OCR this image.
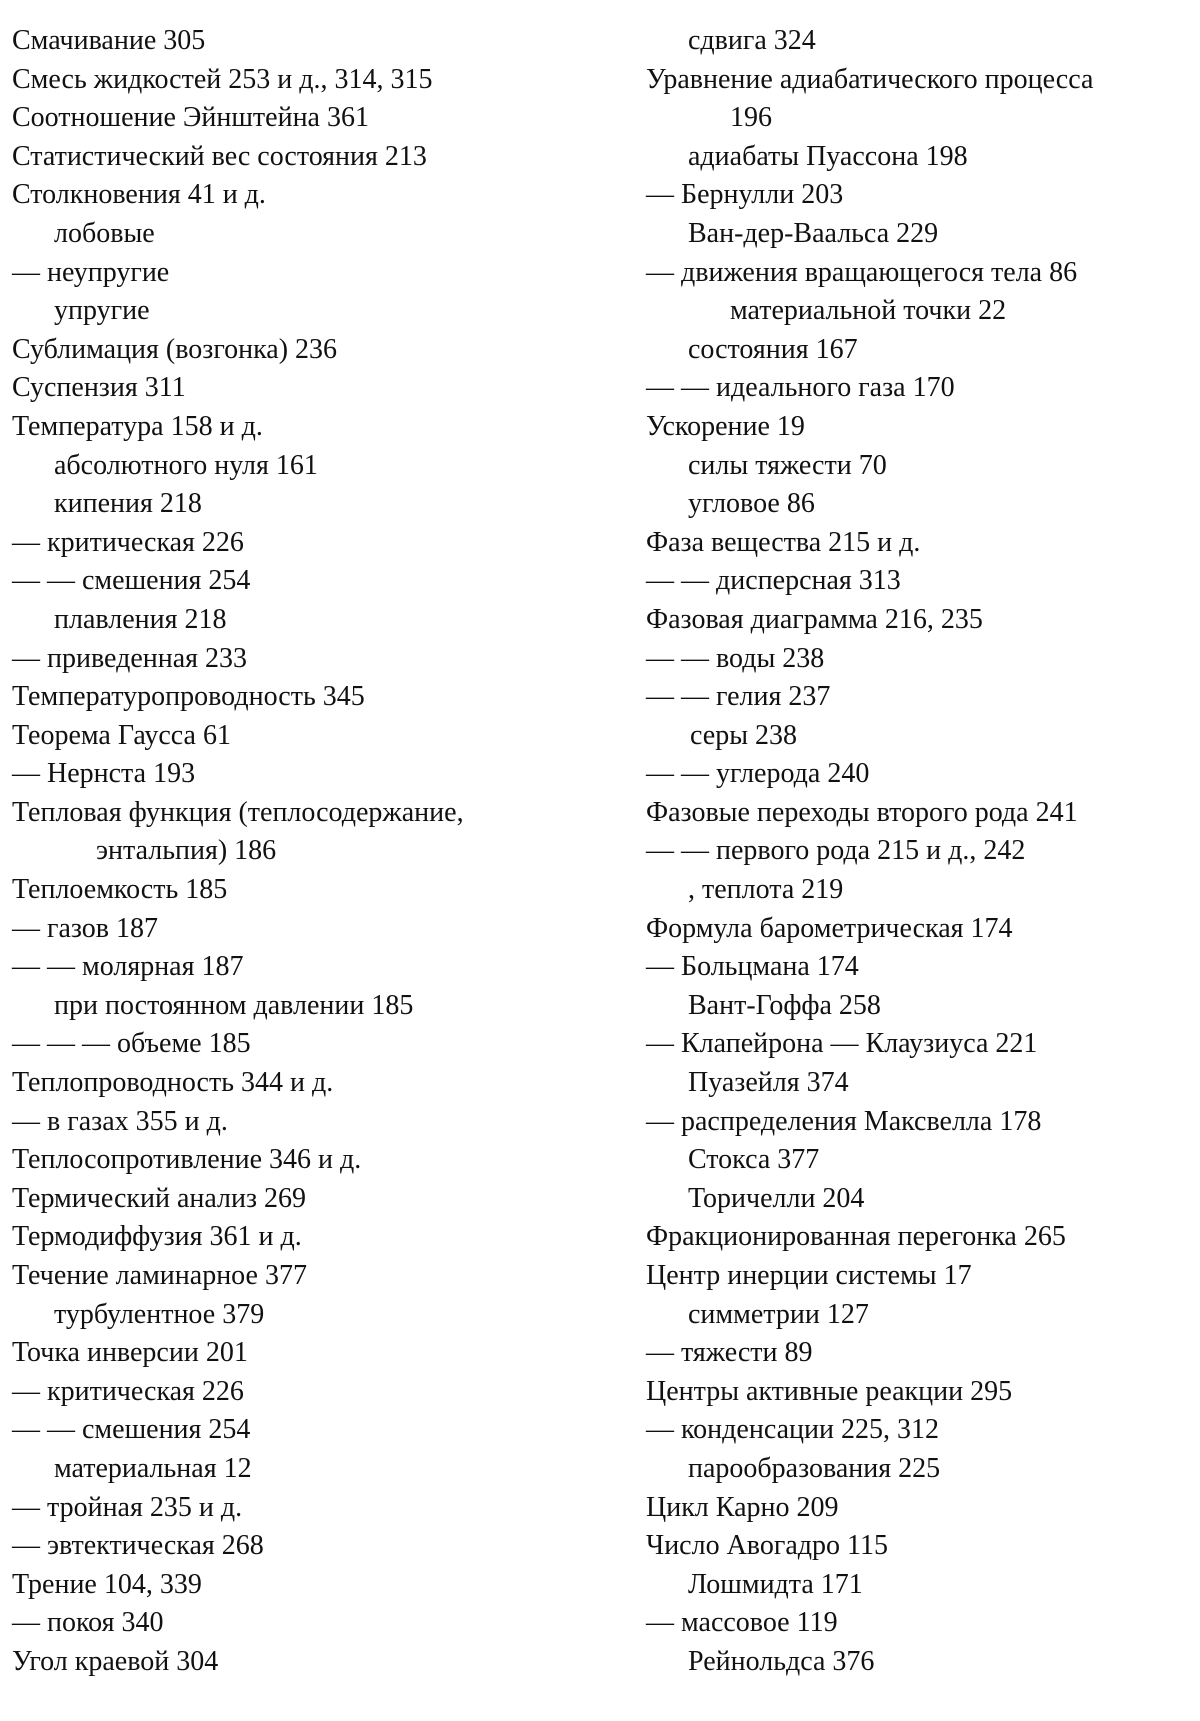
Смачивание 305
Смесь жидкостей 253 и д., 314, 315
Соотношение Эйнштейна 361
Статистический вес состояния 213
Столкновения 41 и д.
лобовые
— неупругие
упругие
Сублимация (возгонка) 236
Суспензия 311
Температура 158 и д.
абсолютного нуля 161
кипения 218
— критическая 226
— — смешения 254
плавления 218
— приведенная 233
Температуропроводность 345
Теорема Гаусса 61
— Нернста 193
Тепловая функция (теплосодержание,
энтальпия) 186
Теплоемкость 185
— газов 187
— — молярная 187
при постоянном давлении 185
— — — объеме 185
Теплопроводность 344 и д.
— в газах 355 и д.
Теплосопротивление 346 и д.
Термический анализ 269
Термодиффузия 361 и д.
Течение ламинарное 377
турбулентное 379
Точка инверсии 201
— критическая 226
— — смешения 254
материальная 12
— тройная 235 и д.
— эвтектическая 268
Трение 104, 339
— покоя 340
Угол краевой 304
сдвига 324
Уравнение адиабатического процесса
196
адиабаты Пуассона 198
— Бернулли 203
Ван-дер-Ваальса 229
— движения вращающегося тела 86
материальной точки 22
состояния 167
— — идеального газа 170
Ускорение 19
силы тяжести 70
угловое 86
Фаза вещества 215 и д.
— — дисперсная 313
Фазовая диаграмма 216, 235
— — воды 238
— — гелия 237
серы 238
— — углерода 240
Фазовые переходы второго рода 241
— — первого рода 215 и д., 242
, теплота 219
Формула барометрическая 174
— Больцмана 174
Вант-Гоффа 258
— Клапейрона — Клаузиуса 221
Пуазейля 374
— распределения Максвелла 178
Стокса 377
Торичелли 204
Фракционированная перегонка 265
Центр инерции системы 17
симметрии 127
— тяжести 89
Центры активные реакции 295
— конденсации 225, 312
парообразования 225
Цикл Карно 209
Число Авогадро 115
Лошмидта 171
— массовое 119
Рейнольдса 376
